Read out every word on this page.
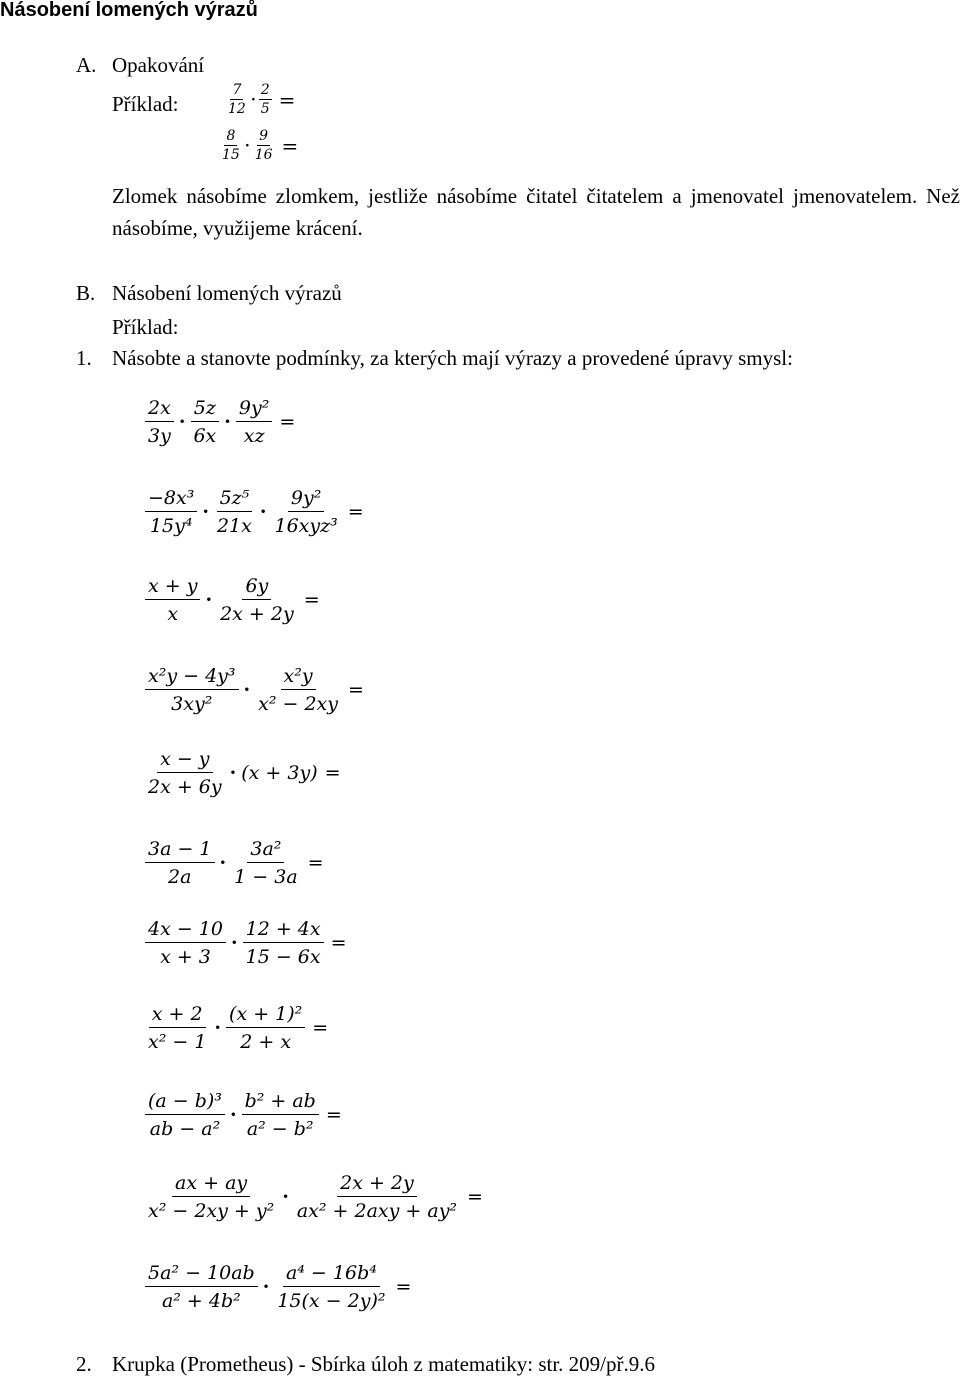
Násobení lomených výrazů
A. Opakování
Příklad:	$\frac{7}{12} \cdot \frac{2}{5}$ =
$\frac{8}{15} \cdot \frac{9}{16}$ =
Zlomek násobíme zlomkem, jestliže násobíme čitatel čitatelem a jmenovatel jmenovatelem. Než násobíme, využijeme krácení.
B. Násobení lomených výrazů
Příklad:
1. Násobte a stanovte podmínky, za kterých mají výrazy a provedené úpravy smysl:
$\frac{2x}{3y} \cdot \frac{5z}{6x} \cdot \frac{\text{9y²}}{xz}$ =
$\frac{\text{−8x³}}{\text{15y⁴}} \cdot \frac{\text{5z⁵}}{21x} \cdot \frac{\text{9y²}}{\text{16xyz³}}$ =
$\frac{x + y}{x} \cdot \frac{6y}{2x + 2y}$ =
$\frac{\text{x²y − 4y³}}{\text{3xy²}} \cdot \frac{\text{x²y}}{\text{x² − 2xy}}$ =
$\frac{x - y}{2x + 6y} \cdot (x + 3y)$ =
$\frac{3a - 1}{2a} \cdot \frac{\text{3a²}}{1 - 3a}$ =
$\frac{4x - 10}{x + 3} \cdot \frac{12 + 4x}{15 - 6x}$ =
$\frac{x + 2}{\text{x² − 1}} \cdot \frac{\text{(x + 1)²}}{2 + x}$ =
$\frac{\text{(a − b)³}}{\text{ab − a²}} \cdot \frac{\text{b² + ab}}{\text{a² − b²}}$ =
$\frac{ax + ay}{\text{x² − 2xy + y²}} \cdot \frac{2x + 2y}{\text{ax² + 2axy + ay²}}$ =
$\frac{\text{5a² − 10ab}}{\text{a² + 4b²}} \cdot \frac{\text{a⁴ − 16b⁴}}{\text{15(x − 2y)²}}$ =
2. Krupka (Prometheus) - Sbírka úloh z matematiky: str. 209/př.9.6
